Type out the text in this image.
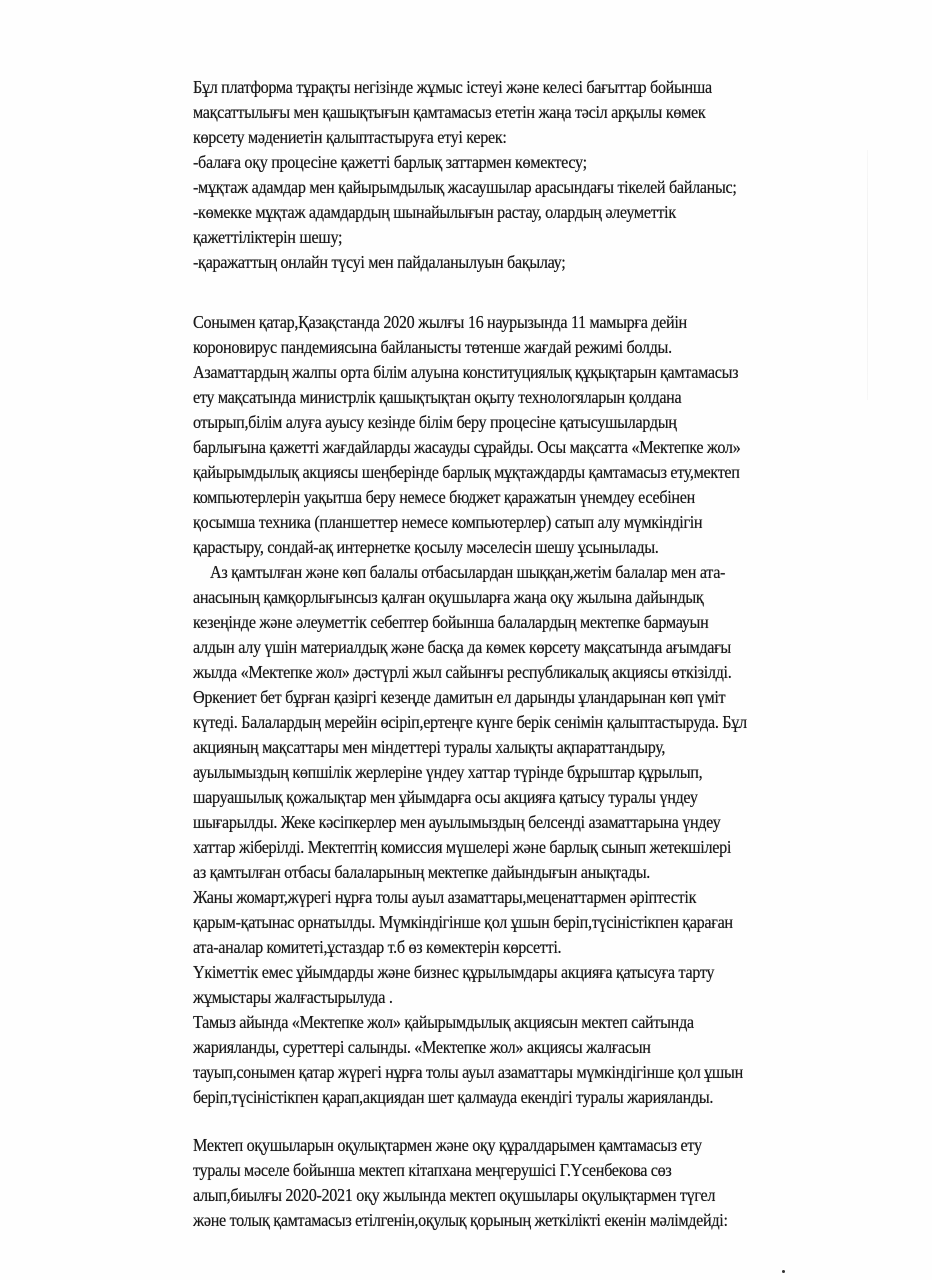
Бұл платформа тұрақты негізінде жұмыс істеуі және келесі бағыттар бойынша
мақсаттылығы мен қашықтығын қамтамасыз ететін жаңа тәсіл арқылы көмек
көрсету мәдениетін қалыптастыруға етуі керек:
-балаға оқу процесіне қажетті барлық заттармен көмектесу;
-мұқтаж адамдар мен қайырымдылық жасаушылар арасындағы тікелей байланыс;
-көмекке мұқтаж адамдардың шынайылығын растау, олардың әлеуметтік
қажеттіліктерін шешу;
-қаражаттың онлайн түсуі мен пайдаланылуын бақылау;
Сонымен қатар,Қазақстанда 2020 жылғы 16 наурызында 11 мамырға дейін
короновирус пандемиясына байланысты төтенше жағдай режимі болды.
Азаматтардың жалпы орта білім алуына конституциялық құқықтарын қамтамасыз
ету мақсатында министрлік қашықтықтан оқыту технологяларын қолдана
отырып,білім алуға ауысу кезінде білім беру процесіне қатысушылардың
барлығына қажетті жағдайларды жасауды сұрайды. Осы мақсатта «Мектепке жол»
қайырымдылық акциясы шеңберінде барлық мұқтаждарды қамтамасыз ету,мектеп
компьютерлерін уақытша беру немесе бюджет қаражатын үнемдеу есебінен
қосымша техника (планшеттер немесе компьютерлер) сатып алу мүмкіндігін
қарастыру, сондай-ақ интернетке қосылу мәселесін шешу ұсынылады.
Аз қамтылған және көп балалы отбасылардан шыққан,жетім балалар мен ата-
анасының қамқорлығынсыз қалған оқушыларға жаңа оқу жылына дайындық
кезеңінде және әлеуметтік себептер бойынша балалардың мектепке бармауын
алдын алу үшін материалдық және басқа да көмек көрсету мақсатында ағымдағы
жылда «Мектепке жол» дәстүрлі жыл сайынғы республикалық акциясы өткізілді.
Өркениет бет бұрған қазіргі кезеңде дамитын ел дарынды ұландарынан көп үміт
күтеді. Балалардың мерейін өсіріп,ертеңге күнге берік сенімін қалыптастыруда. Бұл
акцияның мақсаттары мен міндеттері туралы халықты ақпараттандыру,
ауылымыздың көпшілік жерлеріне үндеу хаттар түрінде бұрыштар құрылып,
шаруашылық қожалықтар мен ұйымдарға осы акцияға қатысу туралы үндеу
шығарылды. Жеке кәсіпкерлер мен ауылымыздың белсенді азаматтарына үндеу
хаттар жіберілді. Мектептің комиссия мүшелері және барлық сынып жетекшілері
аз қамтылған отбасы балаларының мектепке дайындығын анықтады.
Жаны жомарт,жүрегі нұрға толы ауыл азаматтары,меценаттармен әріптестік
қарым-қатынас орнатылды. Мүмкіндігінше қол ұшын беріп,түсіністікпен қараған
ата-аналар комитеті,ұстаздар т.б өз көмектерін көрсетті.
Үкіметтік емес ұйымдарды және бизнес құрылымдары акцияға қатысуға тарту
жұмыстары жалғастырылуда .
Тамыз айында «Мектепке жол» қайырымдылық акциясын мектеп сайтында
жарияланды, суреттері салынды. «Мектепке жол» акциясы жалғасын
тауып,сонымен қатар жүрегі нұрға толы ауыл азаматтары мүмкіндігінше қол ұшын
беріп,түсіністікпен қарап,акциядан шет қалмауда екендігі туралы жарияланды.
Мектеп оқушыларын оқулықтармен және оқу құралдарымен қамтамасыз ету
туралы мәселе бойынша мектеп кітапхана меңгерушісі Г.Үсенбекова сөз
алып,биылғы 2020-2021 оқу жылында мектеп оқушылары оқулықтармен түгел
және толық қамтамасыз етілгенін,оқулық қорының жеткілікті екенін мәлімдейді:
